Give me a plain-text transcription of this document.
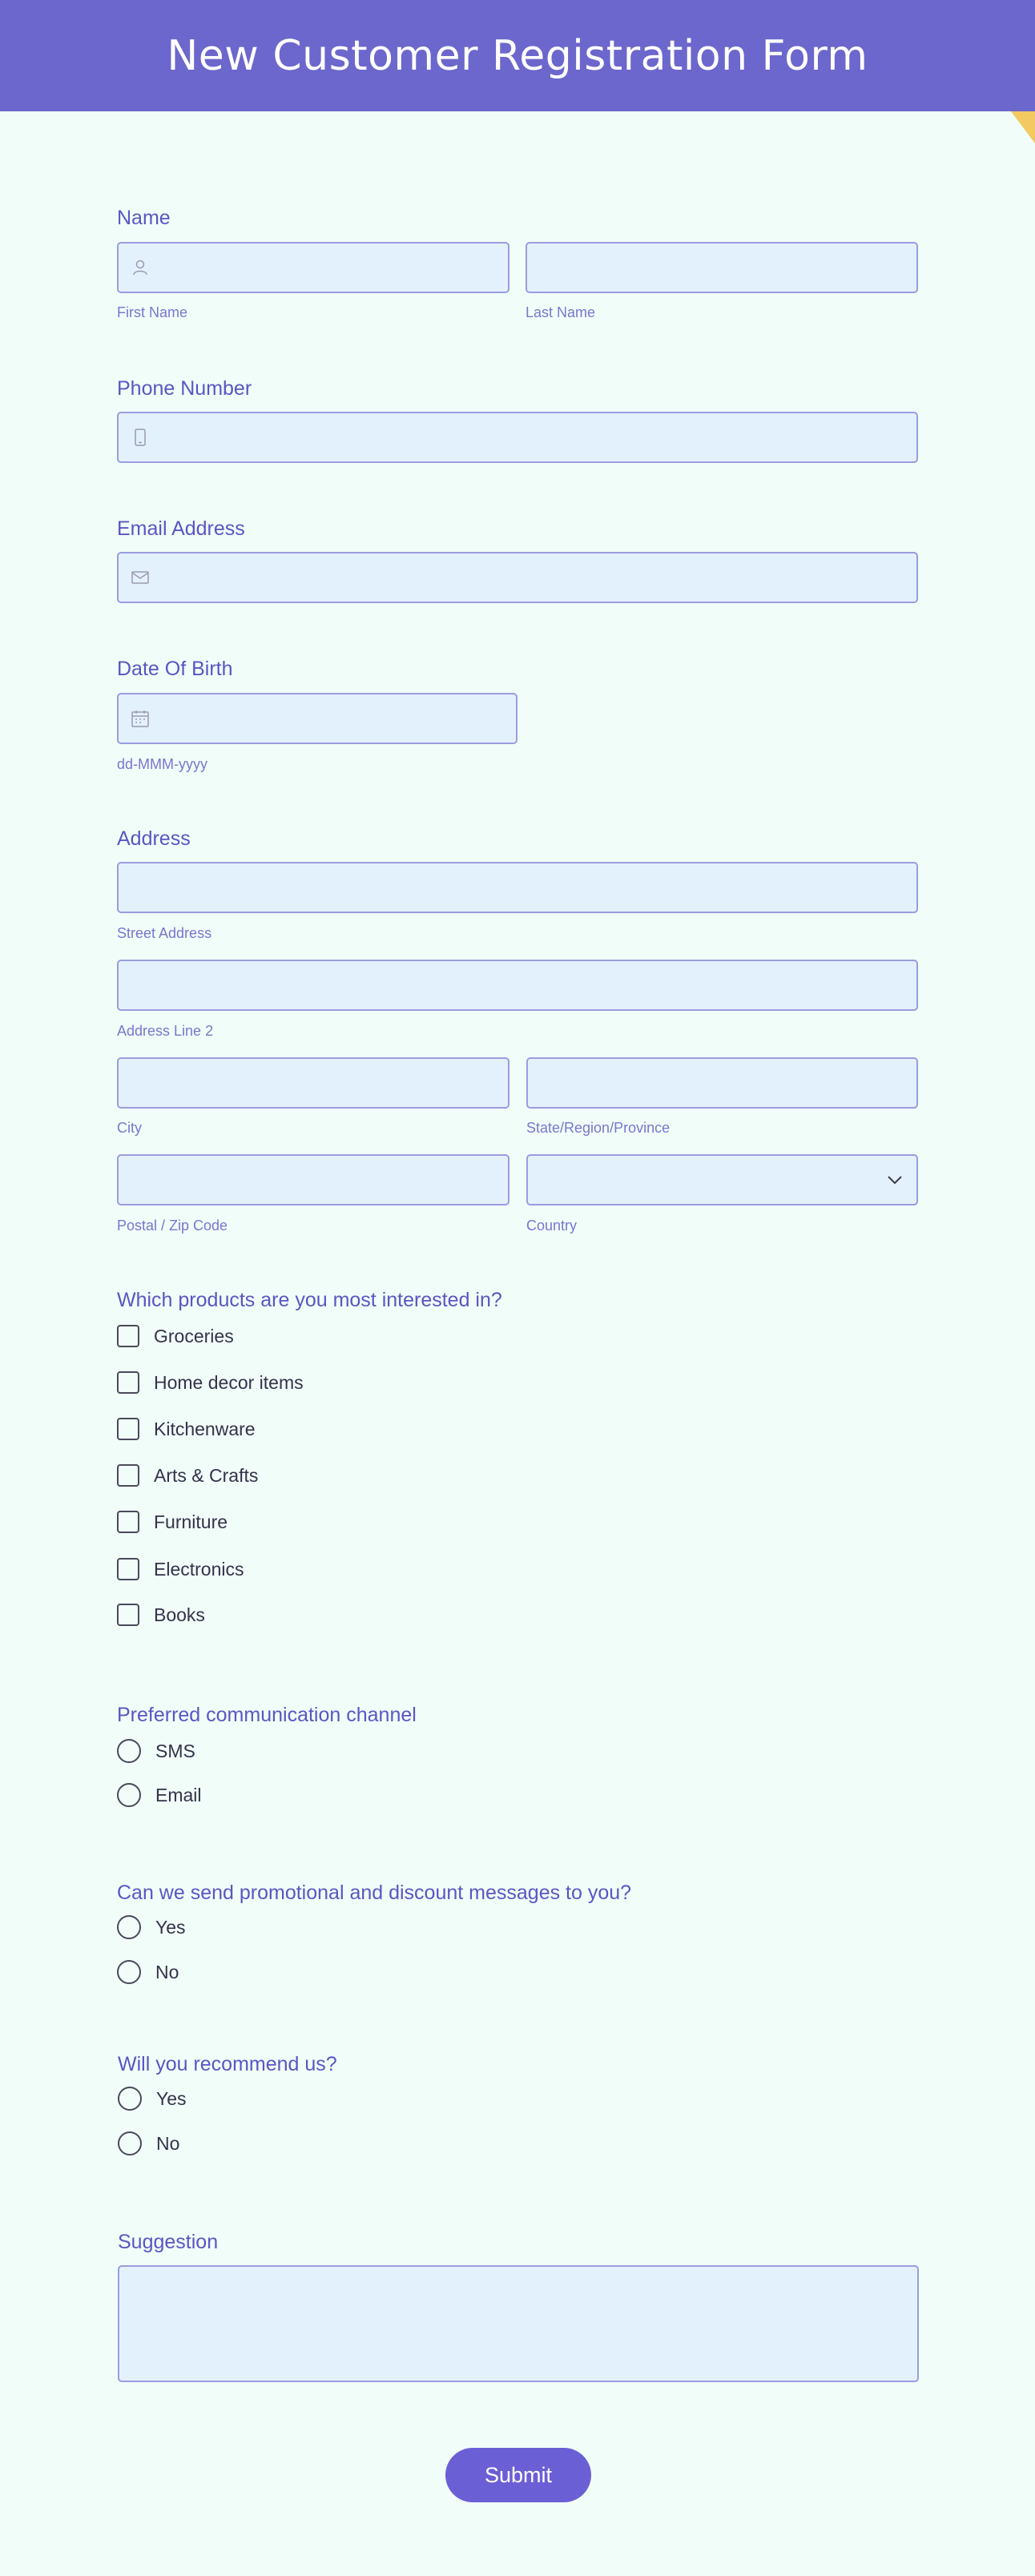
New Customer Registration Form
Name
First Name	Last Name
Phone Number
Email Address
Date Of Birth
dd-MMM-yyyy
Address
Street Address
Address Line 2
City	State/Region/Province
Postal / Zip Code	Country
Which products are you most interested in?
Groceries
Home decor items
Kitchenware
Arts & Crafts
Furniture
Electronics
Books
Preferred communication channel
SMS
Email
Can we send promotional and discount messages to you?
Yes
No
Will you recommend us?
Yes
No
Suggestion
Submit
